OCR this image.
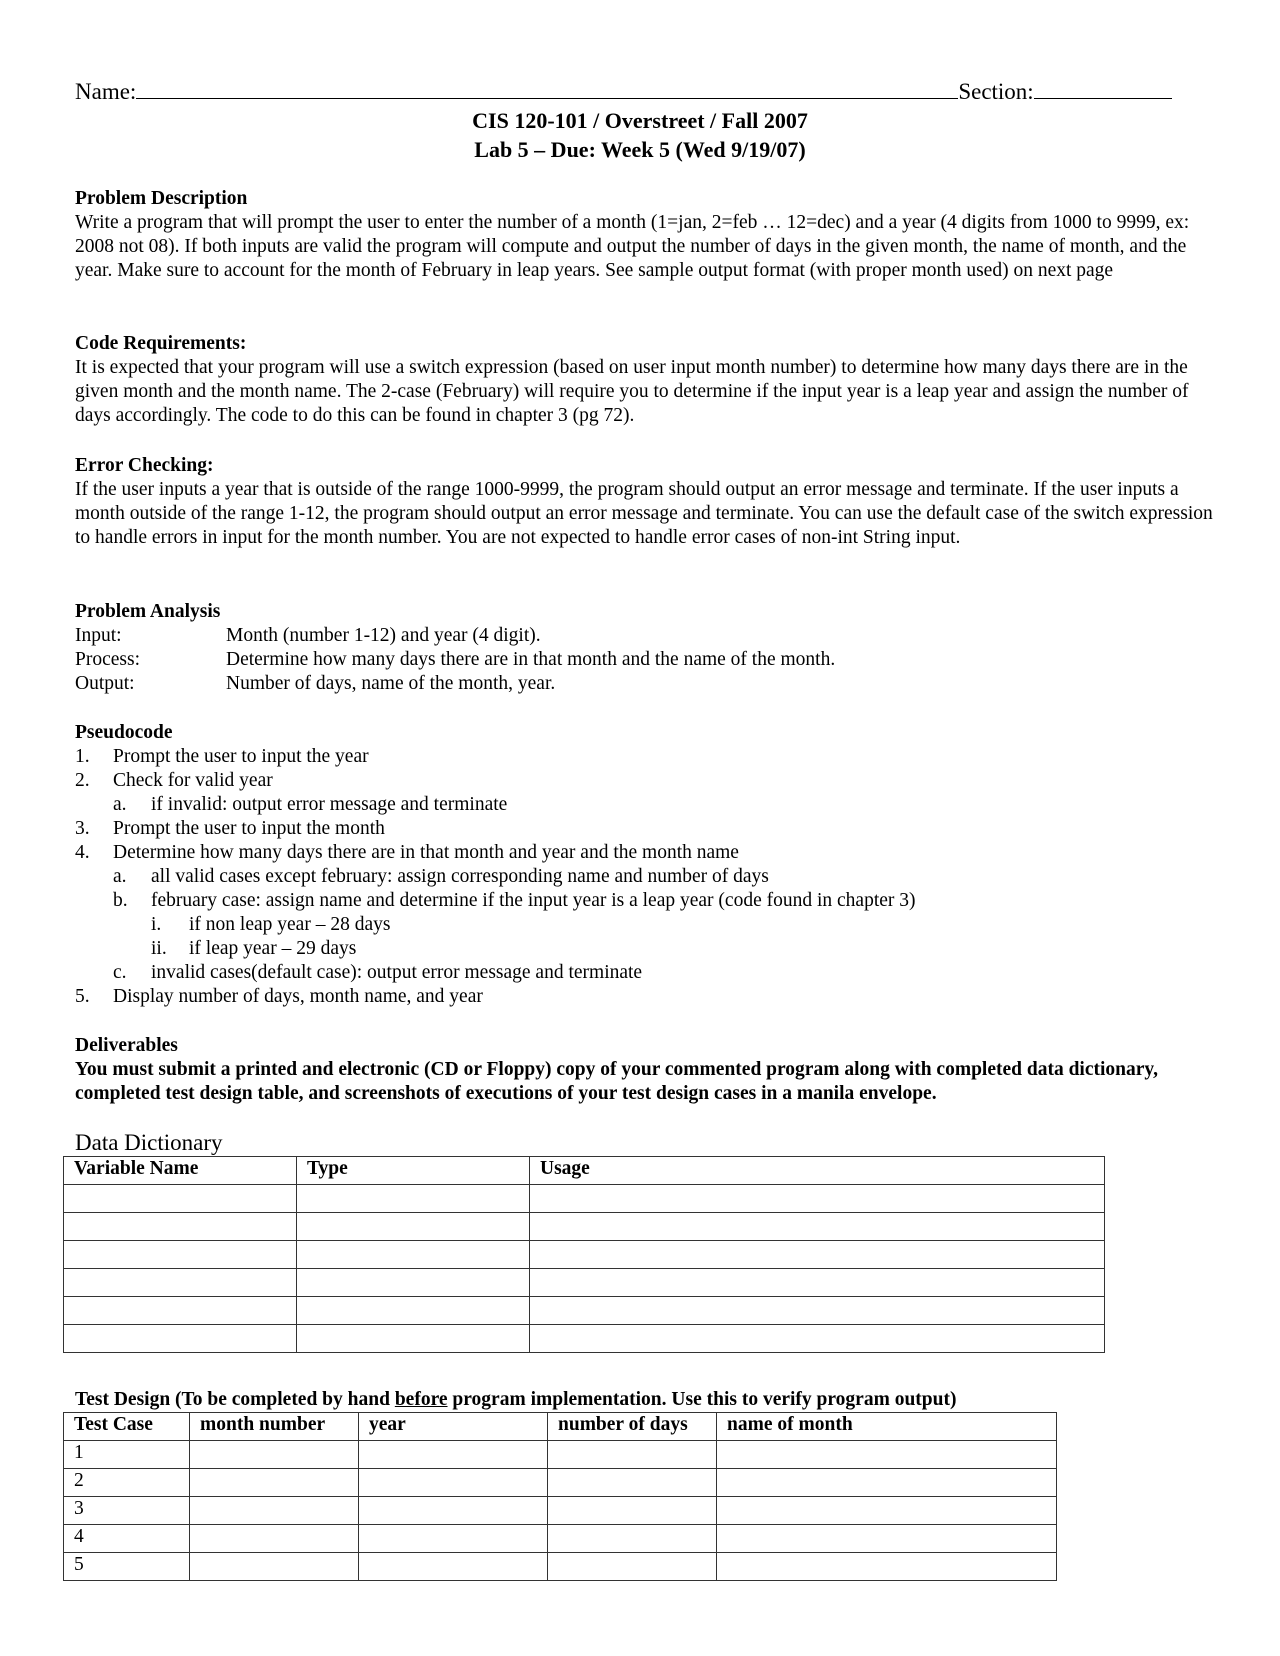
Name:	Section:
CIS 120-101 / Overstreet / Fall 2007
Lab 5 – Due: Week 5 (Wed 9/19/07)
Problem Description
Write a program that will prompt the user to enter the number of a month (1=jan, 2=feb … 12=dec) and a year (4 digits from 1000 to 9999, ex: 2008 not 08). If both inputs are valid the program will compute and output the number of days in the given month, the name of month, and the year. Make sure to account for the month of February in leap years. See sample output format (with proper month used) on next page
Code Requirements:
It is expected that your program will use a switch expression (based on user input month number) to determine how many days there are in the given month and the month name. The 2-case (February) will require you to determine if the input year is a leap year and assign the number of days accordingly. The code to do this can be found in chapter 3 (pg 72).
Error Checking:
If the user inputs a year that is outside of the range 1000-9999, the program should output an error message and terminate. If the user inputs a month outside of the range 1-12, the program should output an error message and terminate. You can use the default case of the switch expression to handle errors in input for the month number. You are not expected to handle error cases of non-int String input.
Problem Analysis
Input:	Month (number 1-12) and year (4 digit).
Process:	Determine how many days there are in that month and the name of the month.
Output:	Number of days, name of the month, year.
Pseudocode
1.	Prompt the user to input the year
2.	Check for valid year
a.	if invalid: output error message and terminate
3.	Prompt the user to input the month
4.	Determine how many days there are in that month and year and the month name
a.	all valid cases except february: assign corresponding name and number of days
b.	february case: assign name and determine if the input year is a leap year (code found in chapter 3)
i.	if non leap year – 28 days
ii.	if leap year – 29 days
c.	invalid cases(default case): output error message and terminate
5.	Display number of days, month name, and year
Deliverables
You must submit a printed and electronic (CD or Floppy) copy of your commented program along with completed data dictionary, completed test design table, and screenshots of executions of your test design cases in a manila envelope.
Data Dictionary
Variable Name	Type	Usage

Test Design (To be completed by hand before program implementation. Use this to verify program output)
Test Case	month number	year	number of days	name of month
1				
2				
3				
4				
5				
